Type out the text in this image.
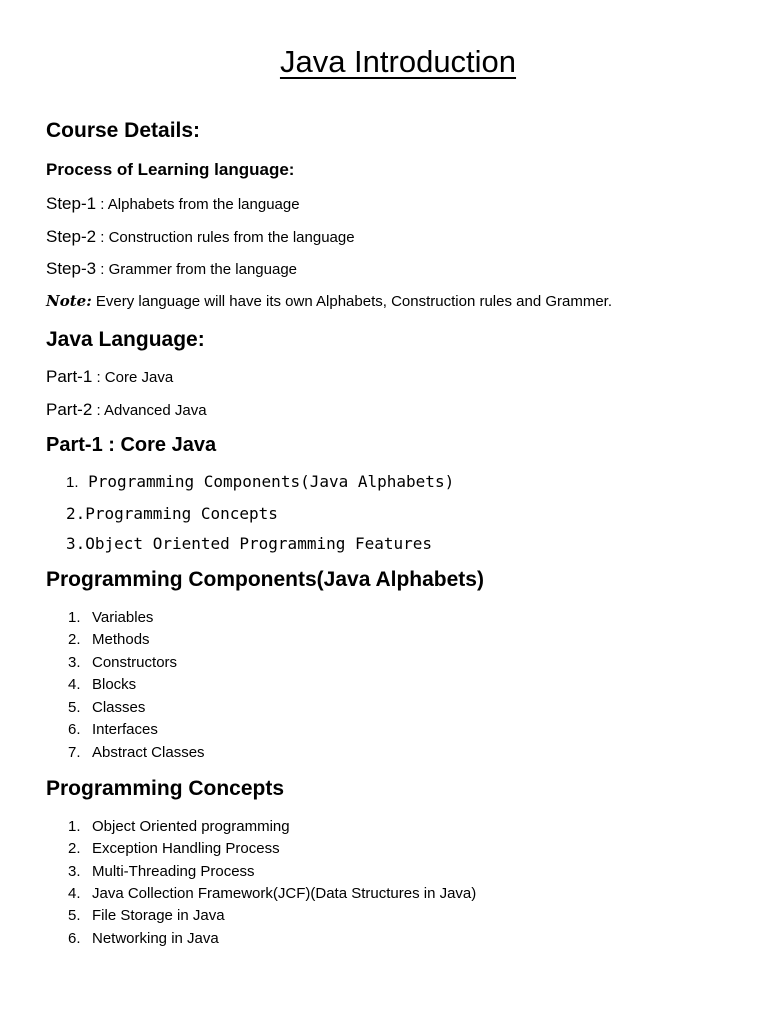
Java Introduction
Course Details:
Process of Learning language:
Step-1 : Alphabets from the language
Step-2 : Construction rules from the language
Step-3 : Grammer from the language
Note: Every language will have its own Alphabets, Construction rules and Grammer.
Java Language:
Part-1 : Core Java
Part-2 : Advanced Java
Part-1 : Core Java
1. Programming Components(Java Alphabets)
2.Programming Concepts
3.Object Oriented Programming Features
Programming Components(Java Alphabets)
1. Variables
2. Methods
3. Constructors
4. Blocks
5. Classes
6. Interfaces
7. Abstract Classes
Programming Concepts
1. Object Oriented programming
2. Exception Handling Process
3. Multi-Threading Process
4. Java Collection Framework(JCF)(Data Structures in Java)
5. File Storage in Java
6. Networking in Java
